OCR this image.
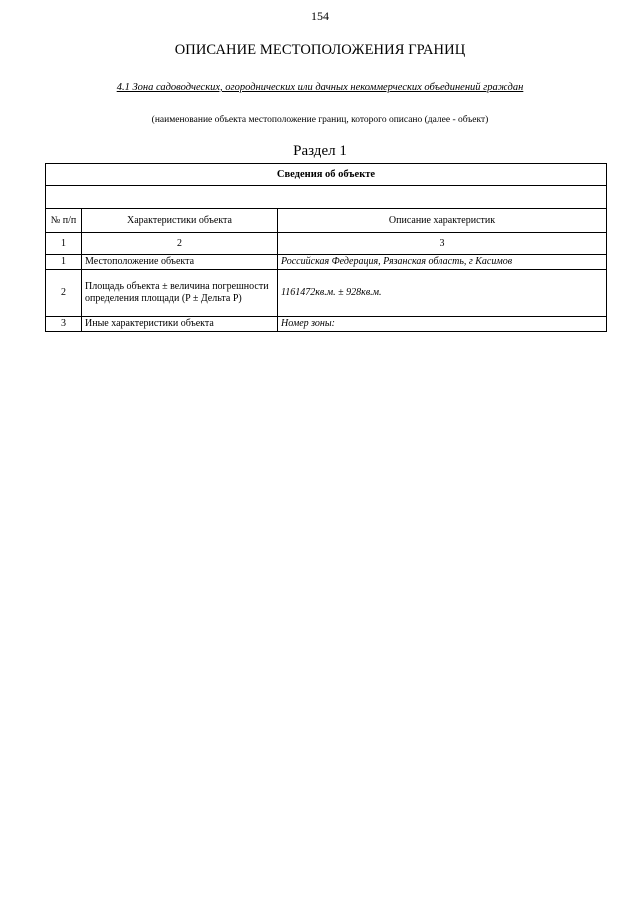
154
ОПИСАНИЕ МЕСТОПОЛОЖЕНИЯ ГРАНИЦ
4.1 Зона садоводческих, огороднических или дачных некоммерческих объединений граждан
(наименование объекта местоположение границ, которого описано (далее - объект)
Раздел 1
Сведения об объекте		

№ п/п	Характеристики объекта	Описание характеристик
1	2	3
1	Местоположение объекта	Российская Федерация, Рязанская область, г Касимов
2	Площадь объекта ± величина погрешности определения площади (P ± Дельта P)	1161472кв.м. ± 928кв.м.
3	Иные характеристики объекта	Номер зоны:
